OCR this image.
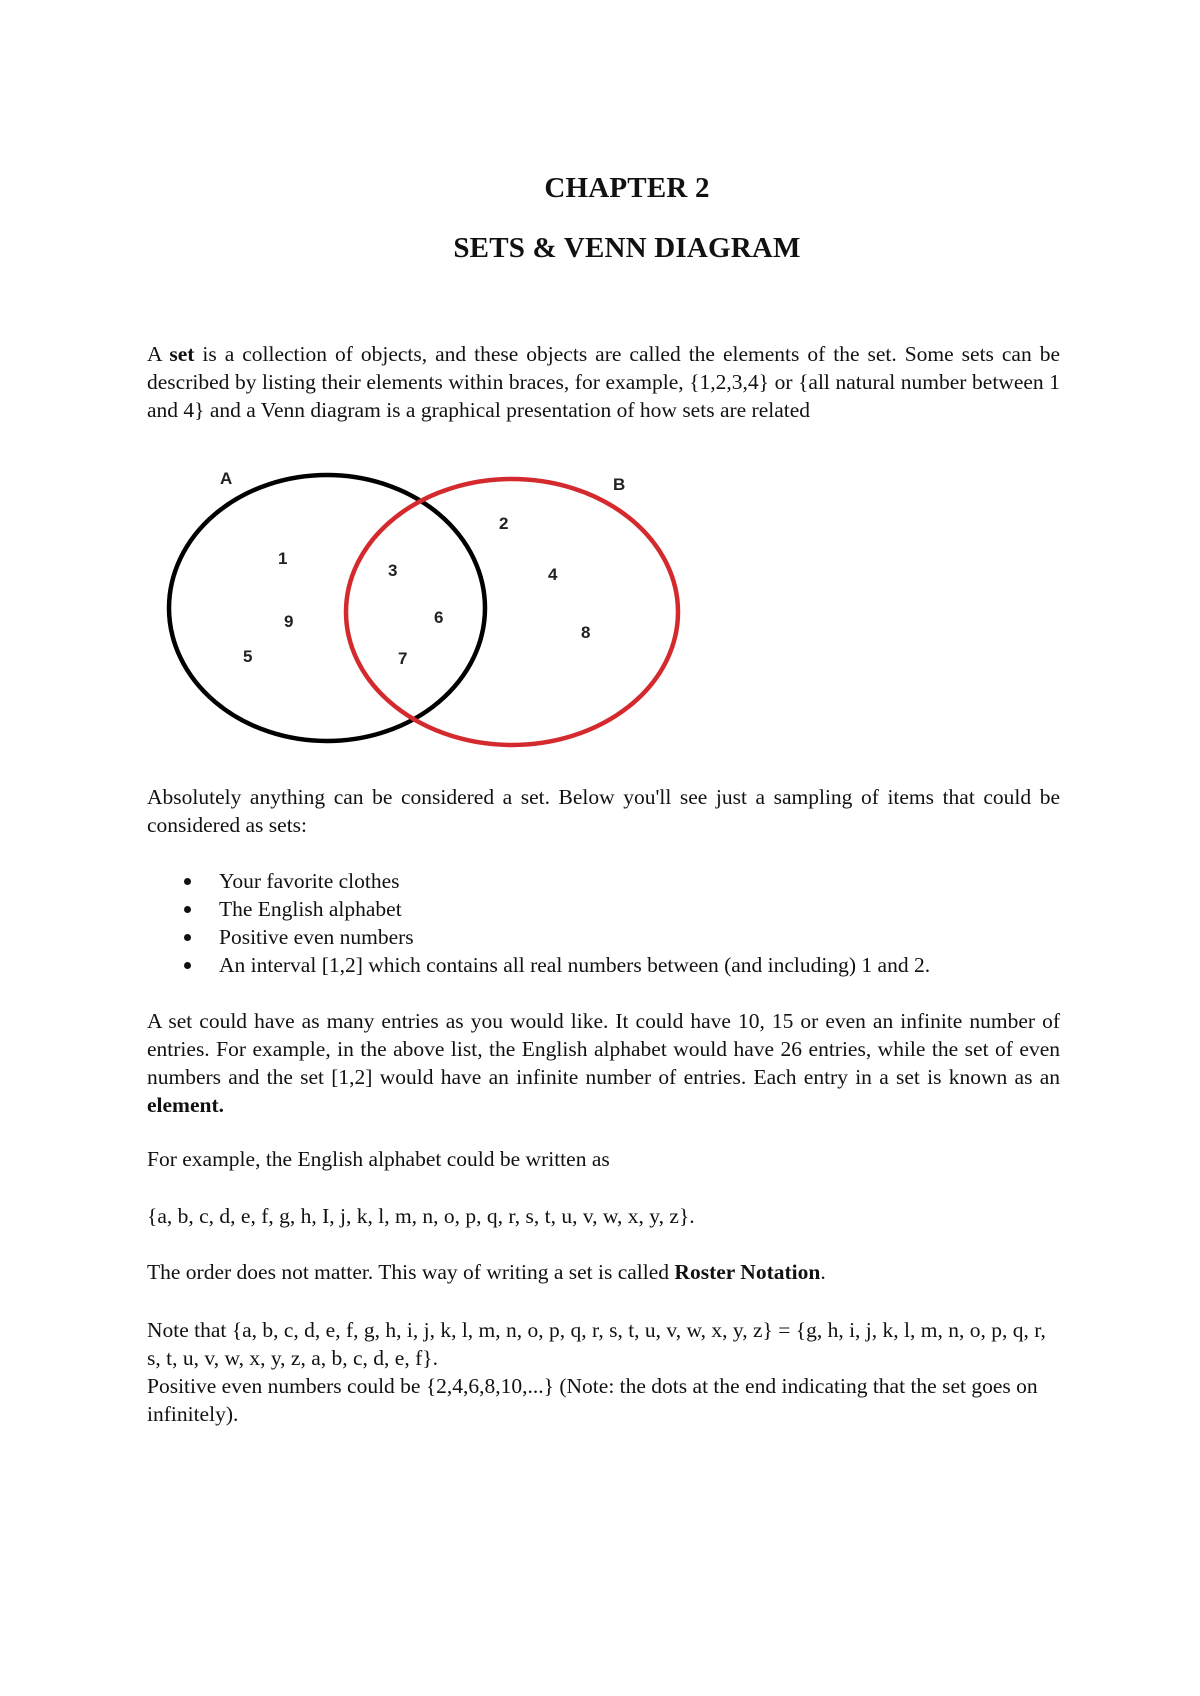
CHAPTER 2
SETS & VENN DIAGRAM

A set is a collection of objects, and these objects are called the elements of the set. Some sets can be described by listing their elements within braces, for example, {1,2,3,4} or {all natural number between 1 and 4} and a Venn diagram is a graphical presentation of how sets are related

A	B
1
9
5
3
6
7
2
4
8

Absolutely anything can be considered a set. Below you'll see just a sampling of items that could be considered as sets:

Your favorite clothes
The English alphabet
Positive even numbers
An interval [1,2] which contains all real numbers between (and including) 1 and 2.

A set could have as many entries as you would like. It could have 10, 15 or even an infinite number of entries. For example, in the above list, the English alphabet would have 26 entries, while the set of even numbers and the set [1,2] would have an infinite number of entries. Each entry in a set is known as an element.

For example, the English alphabet could be written as

{a, b, c, d, e, f, g, h, I, j, k, l, m, n, o, p, q, r, s, t, u, v, w, x, y, z}.

The order does not matter. This way of writing a set is called Roster Notation.

Note that {a, b, c, d, e, f, g, h, i, j, k, l, m, n, o, p, q, r, s, t, u, v, w, x, y, z} = {g, h, i, j, k, l, m, n, o, p, q, r, s, t, u, v, w, x, y, z, a, b, c, d, e, f}.

Positive even numbers could be {2,4,6,8,10,...} (Note: the dots at the end indicating that the set goes on infinitely).
